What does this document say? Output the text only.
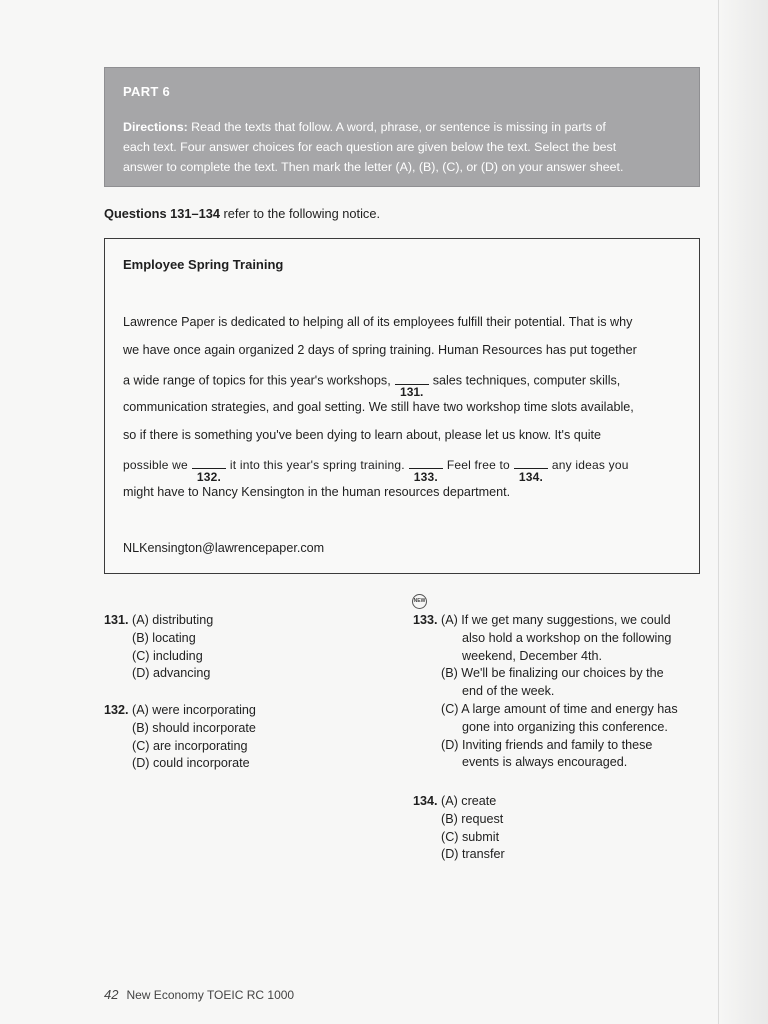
PART 6
Directions: Read the texts that follow. A word, phrase, or sentence is missing in parts of
each text. Four answer choices for each question are given below the text. Select the best
answer to complete the text. Then mark the letter (A), (B), (C), or (D) on your answer sheet.
Questions 131–134 refer to the following notice.
Employee Spring Training
Lawrence Paper is dedicated to helping all of its employees fulfill their potential. That is why
we have once again organized 2 days of spring training. Human Resources has put together
a wide range of topics for this year's workshops,
131.
sales techniques, computer skills,
communication strategies, and goal setting. We still have two workshop time slots available,
so if there is something you've been dying to learn about, please let us know. It's quite
possible we
132.
it into this year's spring training.
133.
Feel free to
134.
any ideas you
might have to Nancy Kensington in the human resources department.
NLKensington@lawrencepaper.com
131.
(A) distributing
(B) locating
(C) including
(D) advancing
132.
(A) were incorporating
(B) should incorporate
(C) are incorporating
(D) could incorporate
NEW
133.
(A) If we get many suggestions, we could
also hold a workshop on the following
weekend, December 4th.
(B) We'll be finalizing our choices by the
end of the week.
(C) A large amount of time and energy has
gone into organizing this conference.
(D) Inviting friends and family to these
events is always encouraged.
134.
(A) create
(B) request
(C) submit
(D) transfer
42 New Economy TOEIC RC 1000
